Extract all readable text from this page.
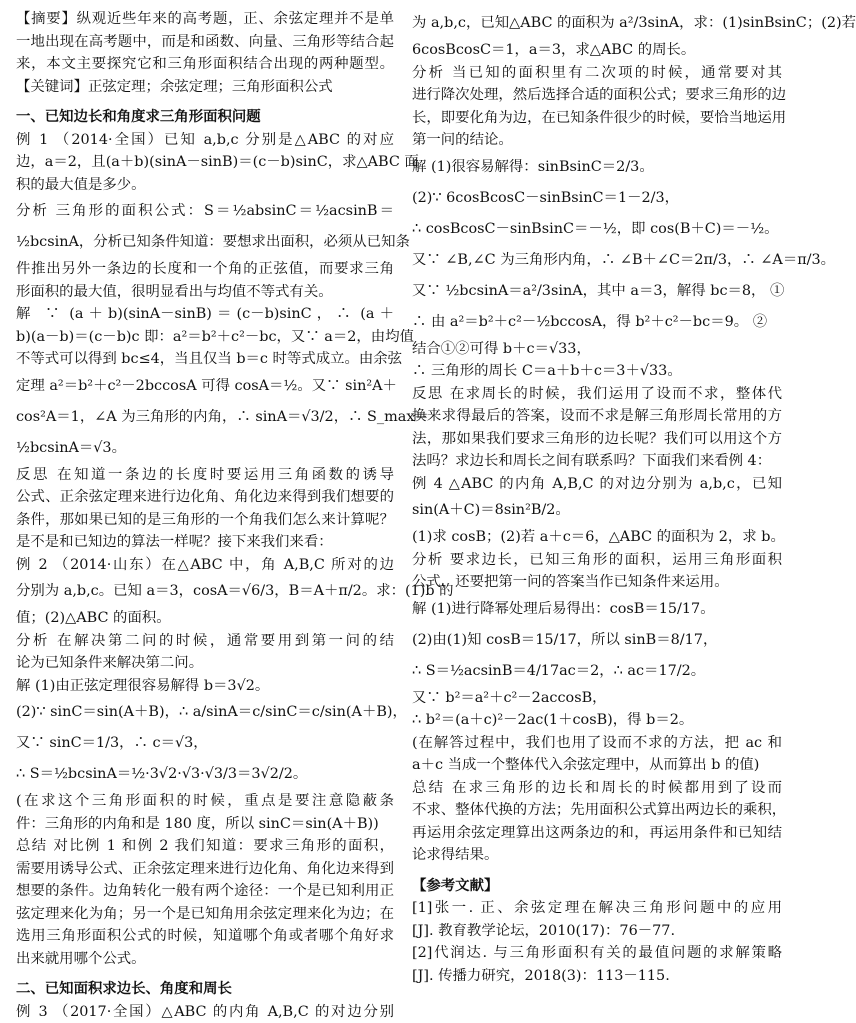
【摘要】纵观近些年来的高考题，正、余弦定理并不是单
一地出现在高考题中，而是和函数、向量、三角形等结合起
来，本文主要探究它和三角形面积结合出现的两种题型。
【关键词】正弦定理；余弦定理；三角形面积公式
一、已知边长和角度求三角形面积问题
例 1 （2014·全国）已知 a,b,c 分别是△ABC 的对应
边，a＝2，且(a＋b)(sinA－sinB)＝(c－b)sinC，求△ABC 面
积的最大值是多少。
分析 三角形的面积公式：S＝½absinC＝½acsinB＝
½bcsinA，分析已知条件知道：要想求出面积，必须从已知条
件推出另外一条边的长度和一个角的正弦值，而要求三角
形面积的最大值，很明显看出与均值不等式有关。
解 ∵ (a＋b)(sinA－sinB)＝(c－b)sinC，∴ (a＋
b)(a－b)＝(c－b)c 即：a²＝b²＋c²－bc，又∵ a＝2，由均值
不等式可以得到 bc≤4，当且仅当 b＝c 时等式成立。由余弦
定理 a²＝b²＋c²－2bccosA 可得 cosA＝½。又∵ sin²A＋
cos²A＝1，∠A 为三角形的内角，∴ sinA＝√3/2，∴ S_max＝
½bcsinA＝√3。
反思 在知道一条边的长度时要运用三角函数的诱导
公式、正余弦定理来进行边化角、角化边来得到我们想要的
条件，那如果已知的是三角形的一个角我们怎么来计算呢？
是不是和已知边的算法一样呢？接下来我们来看：
例 2 （2014·山东）在△ABC 中，角 A,B,C 所对的边
分别为 a,b,c。已知 a＝3，cosA＝√6/3，B＝A＋π/2。求：(1)b 的
值；(2)△ABC 的面积。
分析 在解决第二问的时候，通常要用到第一问的结
论为已知条件来解决第二问。
解 (1)由正弦定理很容易解得 b＝3√2。
(2)∵ sinC＝sin(A＋B)，∴ a/sinA＝c/sinC＝c/sin(A＋B)，
又∵ sinC＝1/3，∴ c＝√3，
∴ S＝½bcsinA＝½·3√2·√3·√3/3＝3√2/2。
(在求这个三角形面积的时候，重点是要注意隐蔽条
件：三角形的内角和是 180 度，所以 sinC＝sin(A＋B))
总结 对比例 1 和例 2 我们知道：要求三角形的面积，
需要用诱导公式、正余弦定理来进行边化角、角化边来得到
想要的条件。边角转化一般有两个途径：一个是已知利用正
弦定理来化为角；另一个是已知角用余弦定理来化为边；在
选用三角形面积公式的时候，知道哪个角或者哪个角好求
出来就用哪个公式。
二、已知面积求边长、角度和周长
例 3 （2017·全国）△ABC 的内角 A,B,C 的对边分别
为 a,b,c，已知△ABC 的面积为 a²/3sinA，求：(1)sinBsinC；(2)若
6cosBcosC＝1，a＝3，求△ABC 的周长。
分析 当已知的面积里有二次项的时候，通常要对其
进行降次处理，然后选择合适的面积公式；要求三角形的边
长，即要化角为边，在已知条件很少的时候，要恰当地运用
第一问的结论。
解 (1)很容易解得：sinBsinC＝2/3。
(2)∵ 6cosBcosC－sinBsinC＝1－2/3，
∴ cosBcosC－sinBsinC＝－½，即 cos(B＋C)＝－½。
又∵ ∠B,∠C 为三角形内角，∴ ∠B＋∠C＝2π/3，∴ ∠A＝π/3。
又∵ ½bcsinA＝a²/3sinA，其中 a＝3，解得 bc＝8， ①
∴ 由 a²＝b²＋c²－½bccosA，得 b²＋c²－bc＝9。 ②
结合①②可得 b＋c＝√33，
∴ 三角形的周长 C＝a＋b＋c＝3＋√33。
反思 在求周长的时候，我们运用了设而不求，整体代
换来求得最后的答案，设而不求是解三角形周长常用的方
法，那如果我们要求三角形的边长呢？我们可以用这个方
法吗？求边长和周长之间有联系吗？下面我们来看例 4：
例 4 △ABC 的内角 A,B,C 的对边分别为 a,b,c，已知
sin(A＋C)＝8sin²B/2。
(1)求 cosB；(2)若 a＋c＝6，△ABC 的面积为 2，求 b。
分析 要求边长，已知三角形的面积，运用三角形面积
公式，还要把第一问的答案当作已知条件来运用。
解 (1)进行降幂处理后易得出：cosB＝15/17。
(2)由(1)知 cosB＝15/17，所以 sinB＝8/17，
∴ S＝½acsinB＝4/17ac＝2，∴ ac＝17/2。
又∵ b²＝a²＋c²－2accosB，
∴ b²＝(a＋c)²－2ac(1＋cosB)，得 b＝2。
(在解答过程中，我们也用了设而不求的方法，把 ac 和
a＋c 当成一个整体代入余弦定理中，从而算出 b 的值)
总结 在求三角形的边长和周长的时候都用到了设而
不求、整体代换的方法；先用面积公式算出两边长的乘积，
再运用余弦定理算出这两条边的和，再运用条件和已知结
论求得结果。
【参考文献】
[1]张一. 正、余弦定理在解决三角形问题中的应用
[J]. 教育教学论坛，2010(17)：76－77.
[2]代润达. 与三角形面积有关的最值问题的求解策略
[J]. 传播力研究，2018(3)：113－115.
